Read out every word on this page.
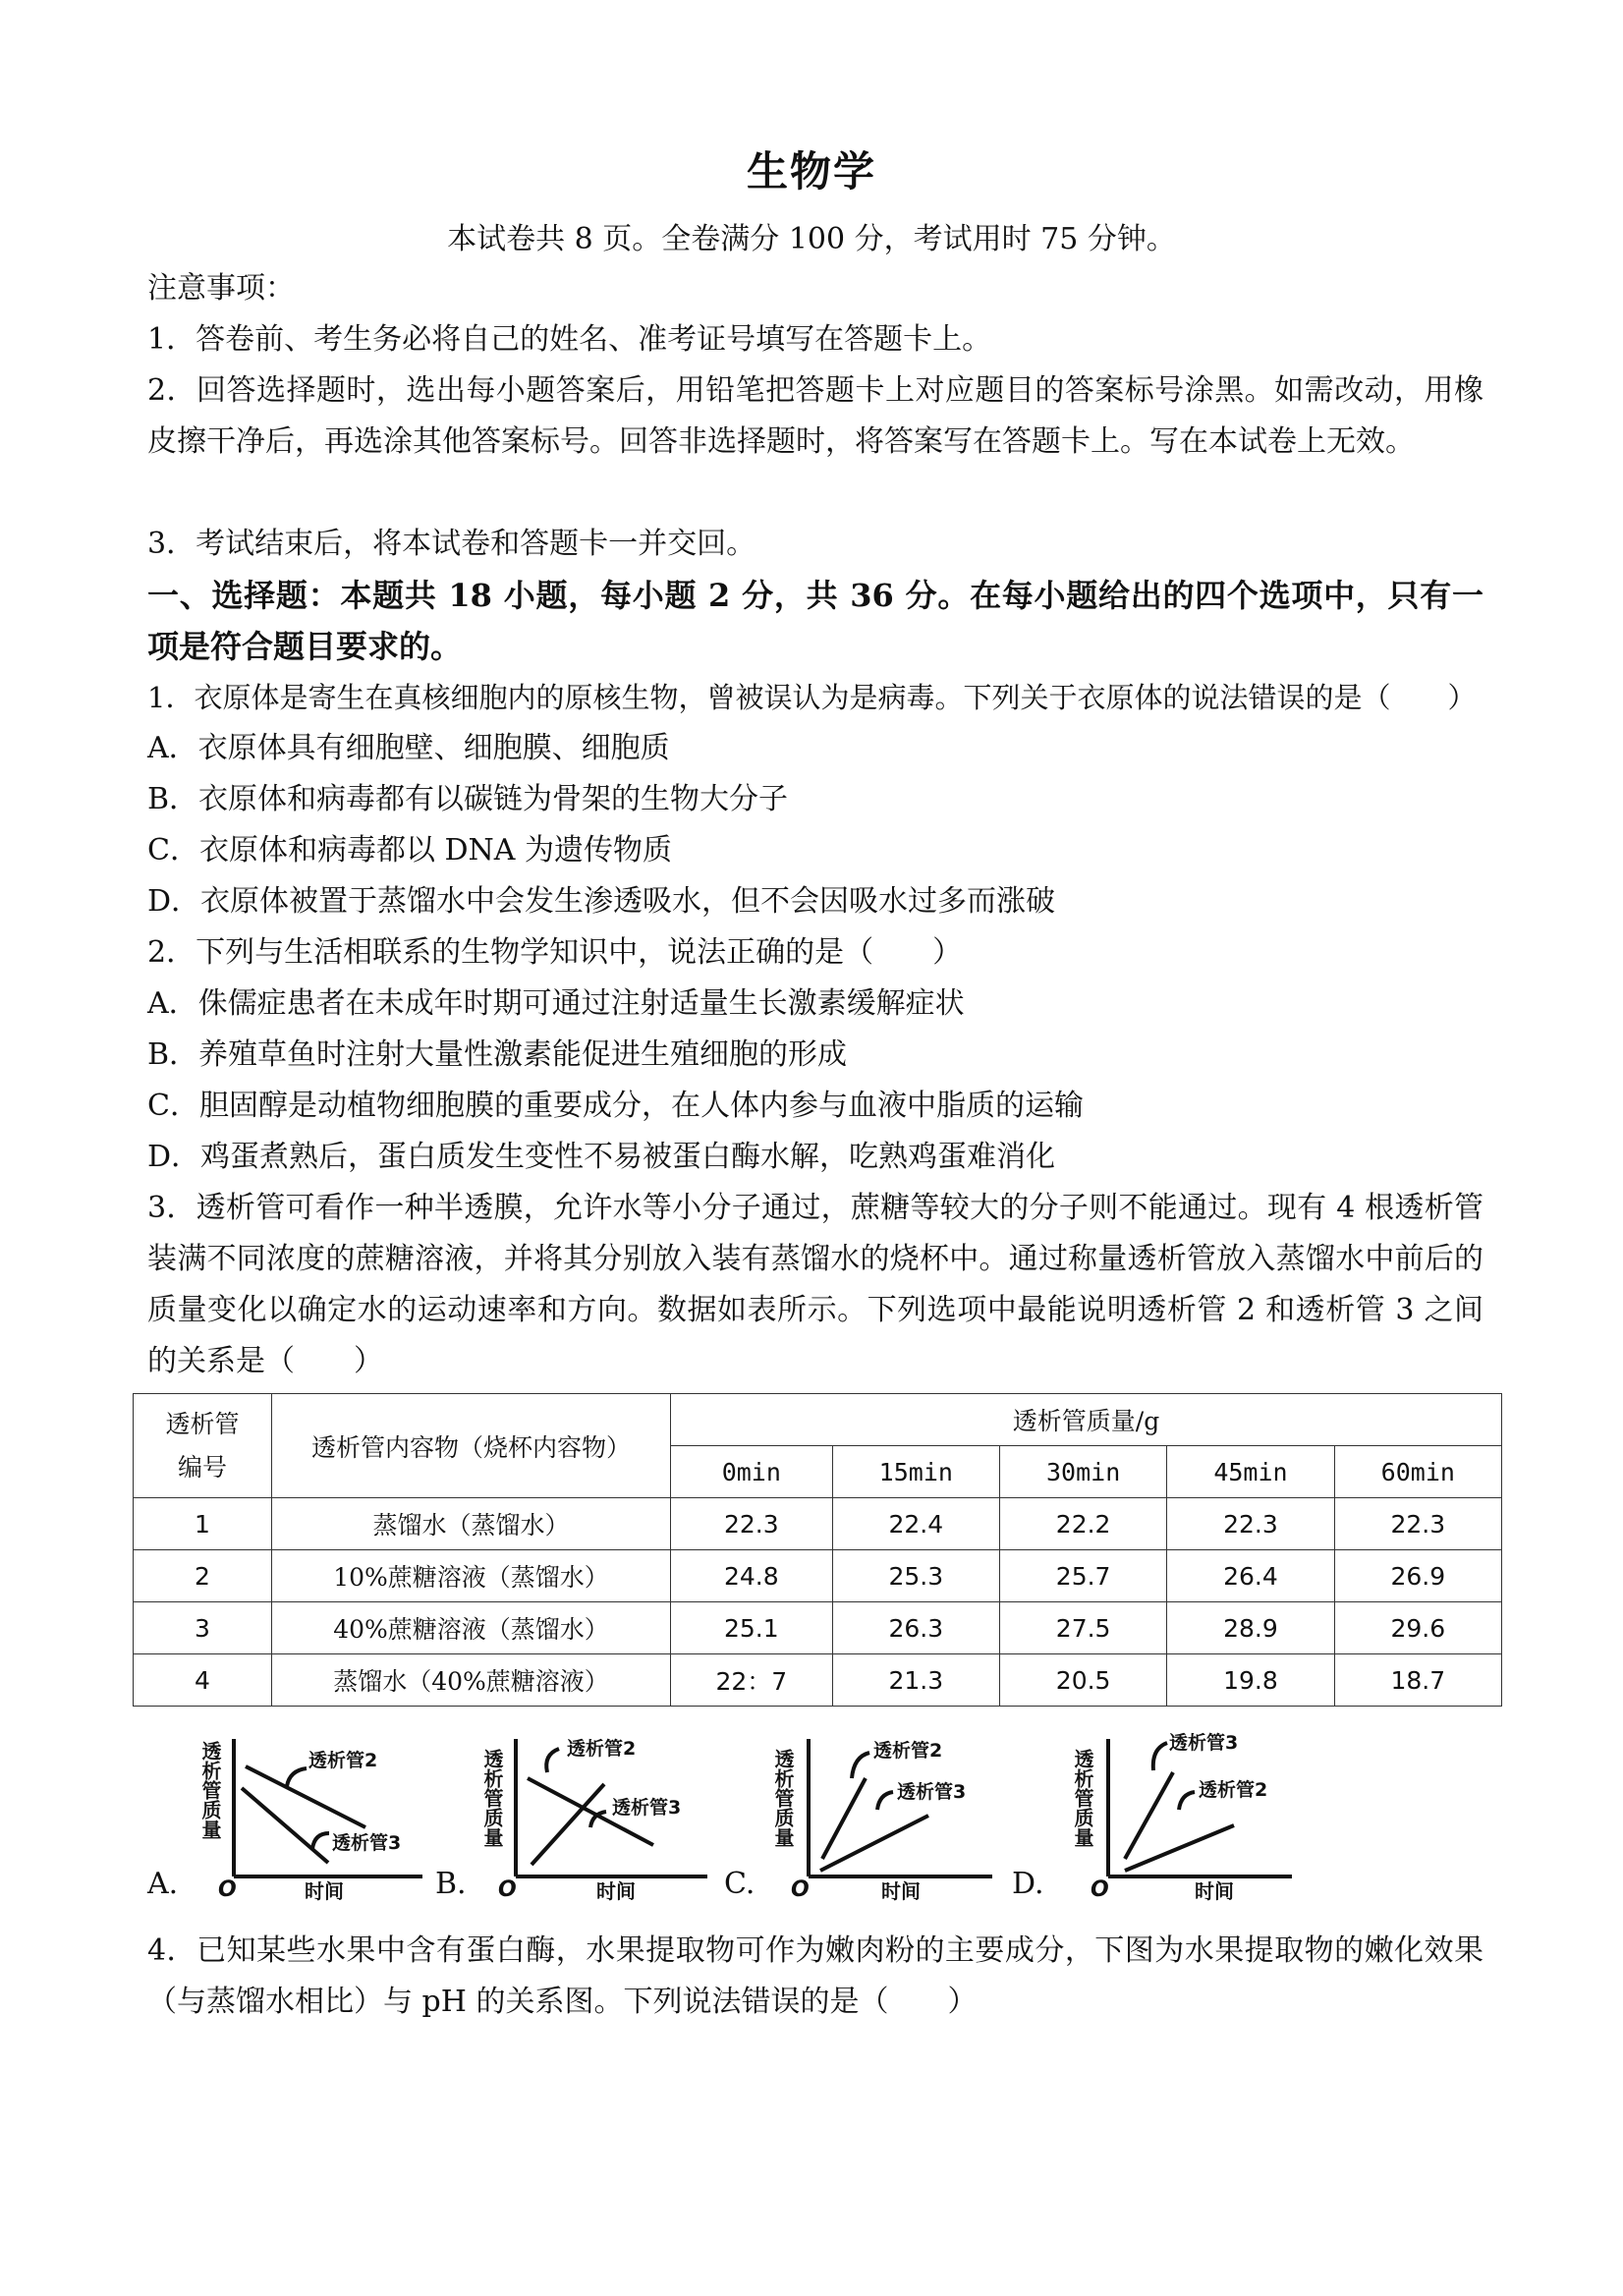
生物学
本试卷共 8 页。全卷满分 100 分，考试用时 75 分钟。
注意事项：
1．答卷前、考生务必将自己的姓名、准考证号填写在答题卡上。
2．回答选择题时，选出每小题答案后，用铅笔把答题卡上对应题目的答案标号涂黑。如需改动，用橡皮擦干净后，再选涂其他答案标号。回答非选择题时，将答案写在答题卡上。写在本试卷上无效。
3．考试结束后，将本试卷和答题卡一并交回。
一、选择题：本题共 18 小题，每小题 2 分，共 36 分。在每小题给出的四个选项中，只有一项是符合题目要求的。
1．衣原体是寄生在真核细胞内的原核生物，曾被误认为是病毒。下列关于衣原体的说法错误的是（　　）
A．衣原体具有细胞壁、细胞膜、细胞质
B．衣原体和病毒都有以碳链为骨架的生物大分子
C．衣原体和病毒都以 DNA 为遗传物质
D．衣原体被置于蒸馏水中会发生渗透吸水，但不会因吸水过多而涨破
2．下列与生活相联系的生物学知识中，说法正确的是（　　）
A．侏儒症患者在未成年时期可通过注射适量生长激素缓解症状
B．养殖草鱼时注射大量性激素能促进生殖细胞的形成
C．胆固醇是动植物细胞膜的重要成分，在人体内参与血液中脂质的运输
D．鸡蛋煮熟后，蛋白质发生变性不易被蛋白酶水解，吃熟鸡蛋难消化
3．透析管可看作一种半透膜，允许水等小分子通过，蔗糖等较大的分子则不能通过。现有 4 根透析管装满不同浓度的蔗糖溶液，并将其分别放入装有蒸馏水的烧杯中。通过称量透析管放入蒸馏水中前后的质量变化以确定水的运动速率和方向。数据如表所示。下列选项中最能说明透析管 2 和透析管 3 之间的关系是（　　）
透析管
编号	透析管内容物（烧杯内容物）	透析管质量/g				
		0min	15min	30min	45min	60min
1	蒸馏水（蒸馏水）	22.3	22.4	22.2	22.3	22.3
2	10%蔗糖溶液（蒸馏水）	24.8	25.3	25.7	26.4	26.9
3	40%蔗糖溶液（蒸馏水）	25.1	26.3	27.5	28.9	29.6
4	蒸馏水（40%蔗糖溶液）	22：7	21.3	20.5	19.8	18.7
A.
透析管2
透析管3
透析管质量
时间
O	B.
透析管2
透析管3
透析管质量
时间
O	C.
透析管2
透析管3
透析管质量
时间
O	D.
透析管3
透析管2
透析管质量
时间
O
4．已知某些水果中含有蛋白酶，水果提取物可作为嫩肉粉的主要成分，下图为水果提取物的嫩化效果（与蒸馏水相比）与 pH 的关系图。下列说法错误的是（　　）
